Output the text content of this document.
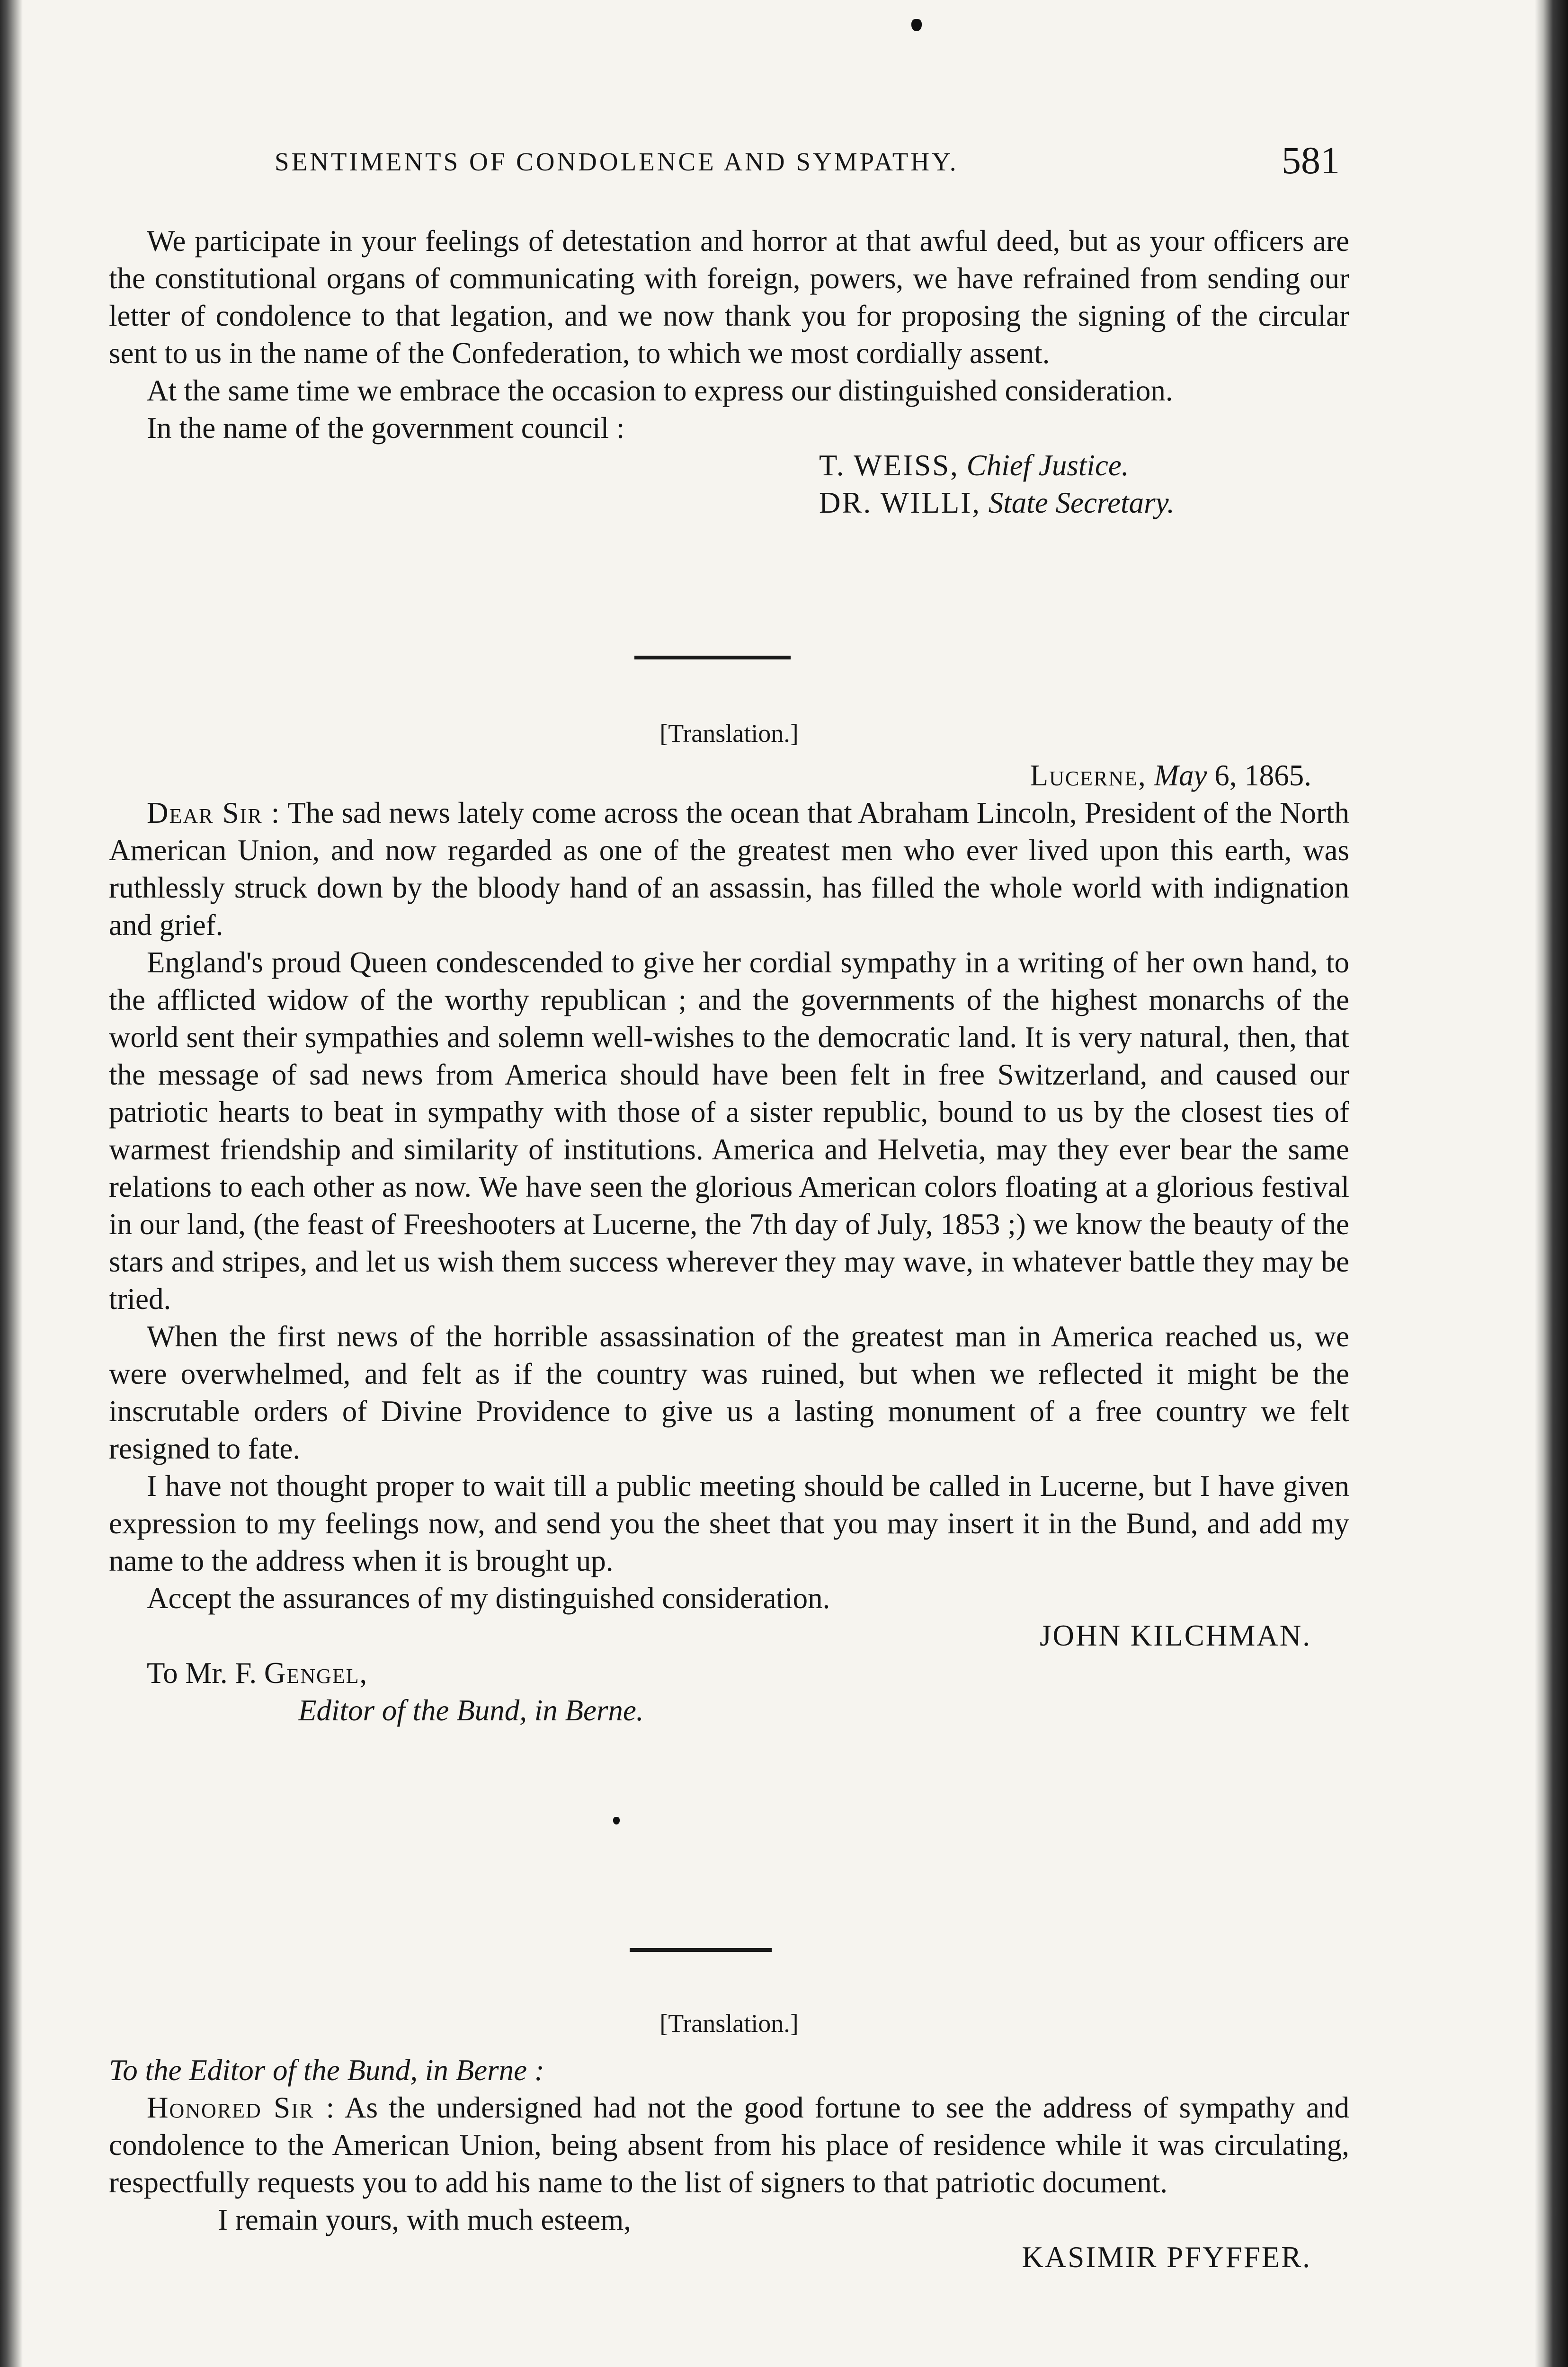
SENTIMENTS OF CONDOLENCE AND SYMPATHY.	581

We participate in your feelings of detestation and horror at that awful deed, but as your officers are the constitutional organs of communicating with foreign, powers, we have refrained from sending our letter of condolence to that legation, and we now thank you for proposing the signing of the circular sent to us in the name of the Confederation, to which we most cordially assent.

At the same time we embrace the occasion to express our distinguished consideration.

In the name of the government council :

T. WEISS, Chief Justice.
DR. WILLI, State Secretary.
[Translation.]
Lucerne, May 6, 1865.

Dear Sir : The sad news lately come across the ocean that Abraham Lincoln, President of the North American Union, and now regarded as one of the greatest men who ever lived upon this earth, was ruthlessly struck down by the bloody hand of an assassin, has filled the whole world with indignation and grief.

England's proud Queen condescended to give her cordial sympathy in a writing of her own hand, to the afflicted widow of the worthy republican ; and the governments of the highest monarchs of the world sent their sympathies and solemn well-wishes to the democratic land. It is very natural, then, that the message of sad news from America should have been felt in free Switzerland, and caused our patriotic hearts to beat in sympathy with those of a sister republic, bound to us by the closest ties of warmest friendship and similarity of institutions. America and Helvetia, may they ever bear the same relations to each other as now. We have seen the glorious American colors floating at a glorious festival in our land, (the feast of Freeshooters at Lucerne, the 7th day of July, 1853 ;) we know the beauty of the stars and stripes, and let us wish them success wherever they may wave, in whatever battle they may be tried.

When the first news of the horrible assassination of the greatest man in America reached us, we were overwhelmed, and felt as if the country was ruined, but when we reflected it might be the inscrutable orders of Divine Providence to give us a lasting monument of a free country we felt resigned to fate.

I have not thought proper to wait till a public meeting should be called in Lucerne, but I have given expression to my feelings now, and send you the sheet that you may insert it in the Bund, and add my name to the address when it is brought up.

Accept the assurances of my distinguished consideration.

JOHN KILCHMAN.
To Mr. F. Gengel,
Editor of the Bund, in Berne.
[Translation.]
To the Editor of the Bund, in Berne :

Honored Sir : As the undersigned had not the good fortune to see the address of sympathy and condolence to the American Union, being absent from his place of residence while it was circulating, respectfully requests you to add his name to the list of signers to that patriotic document.

I remain yours, with much esteem,
KASIMIR PFYFFER.
